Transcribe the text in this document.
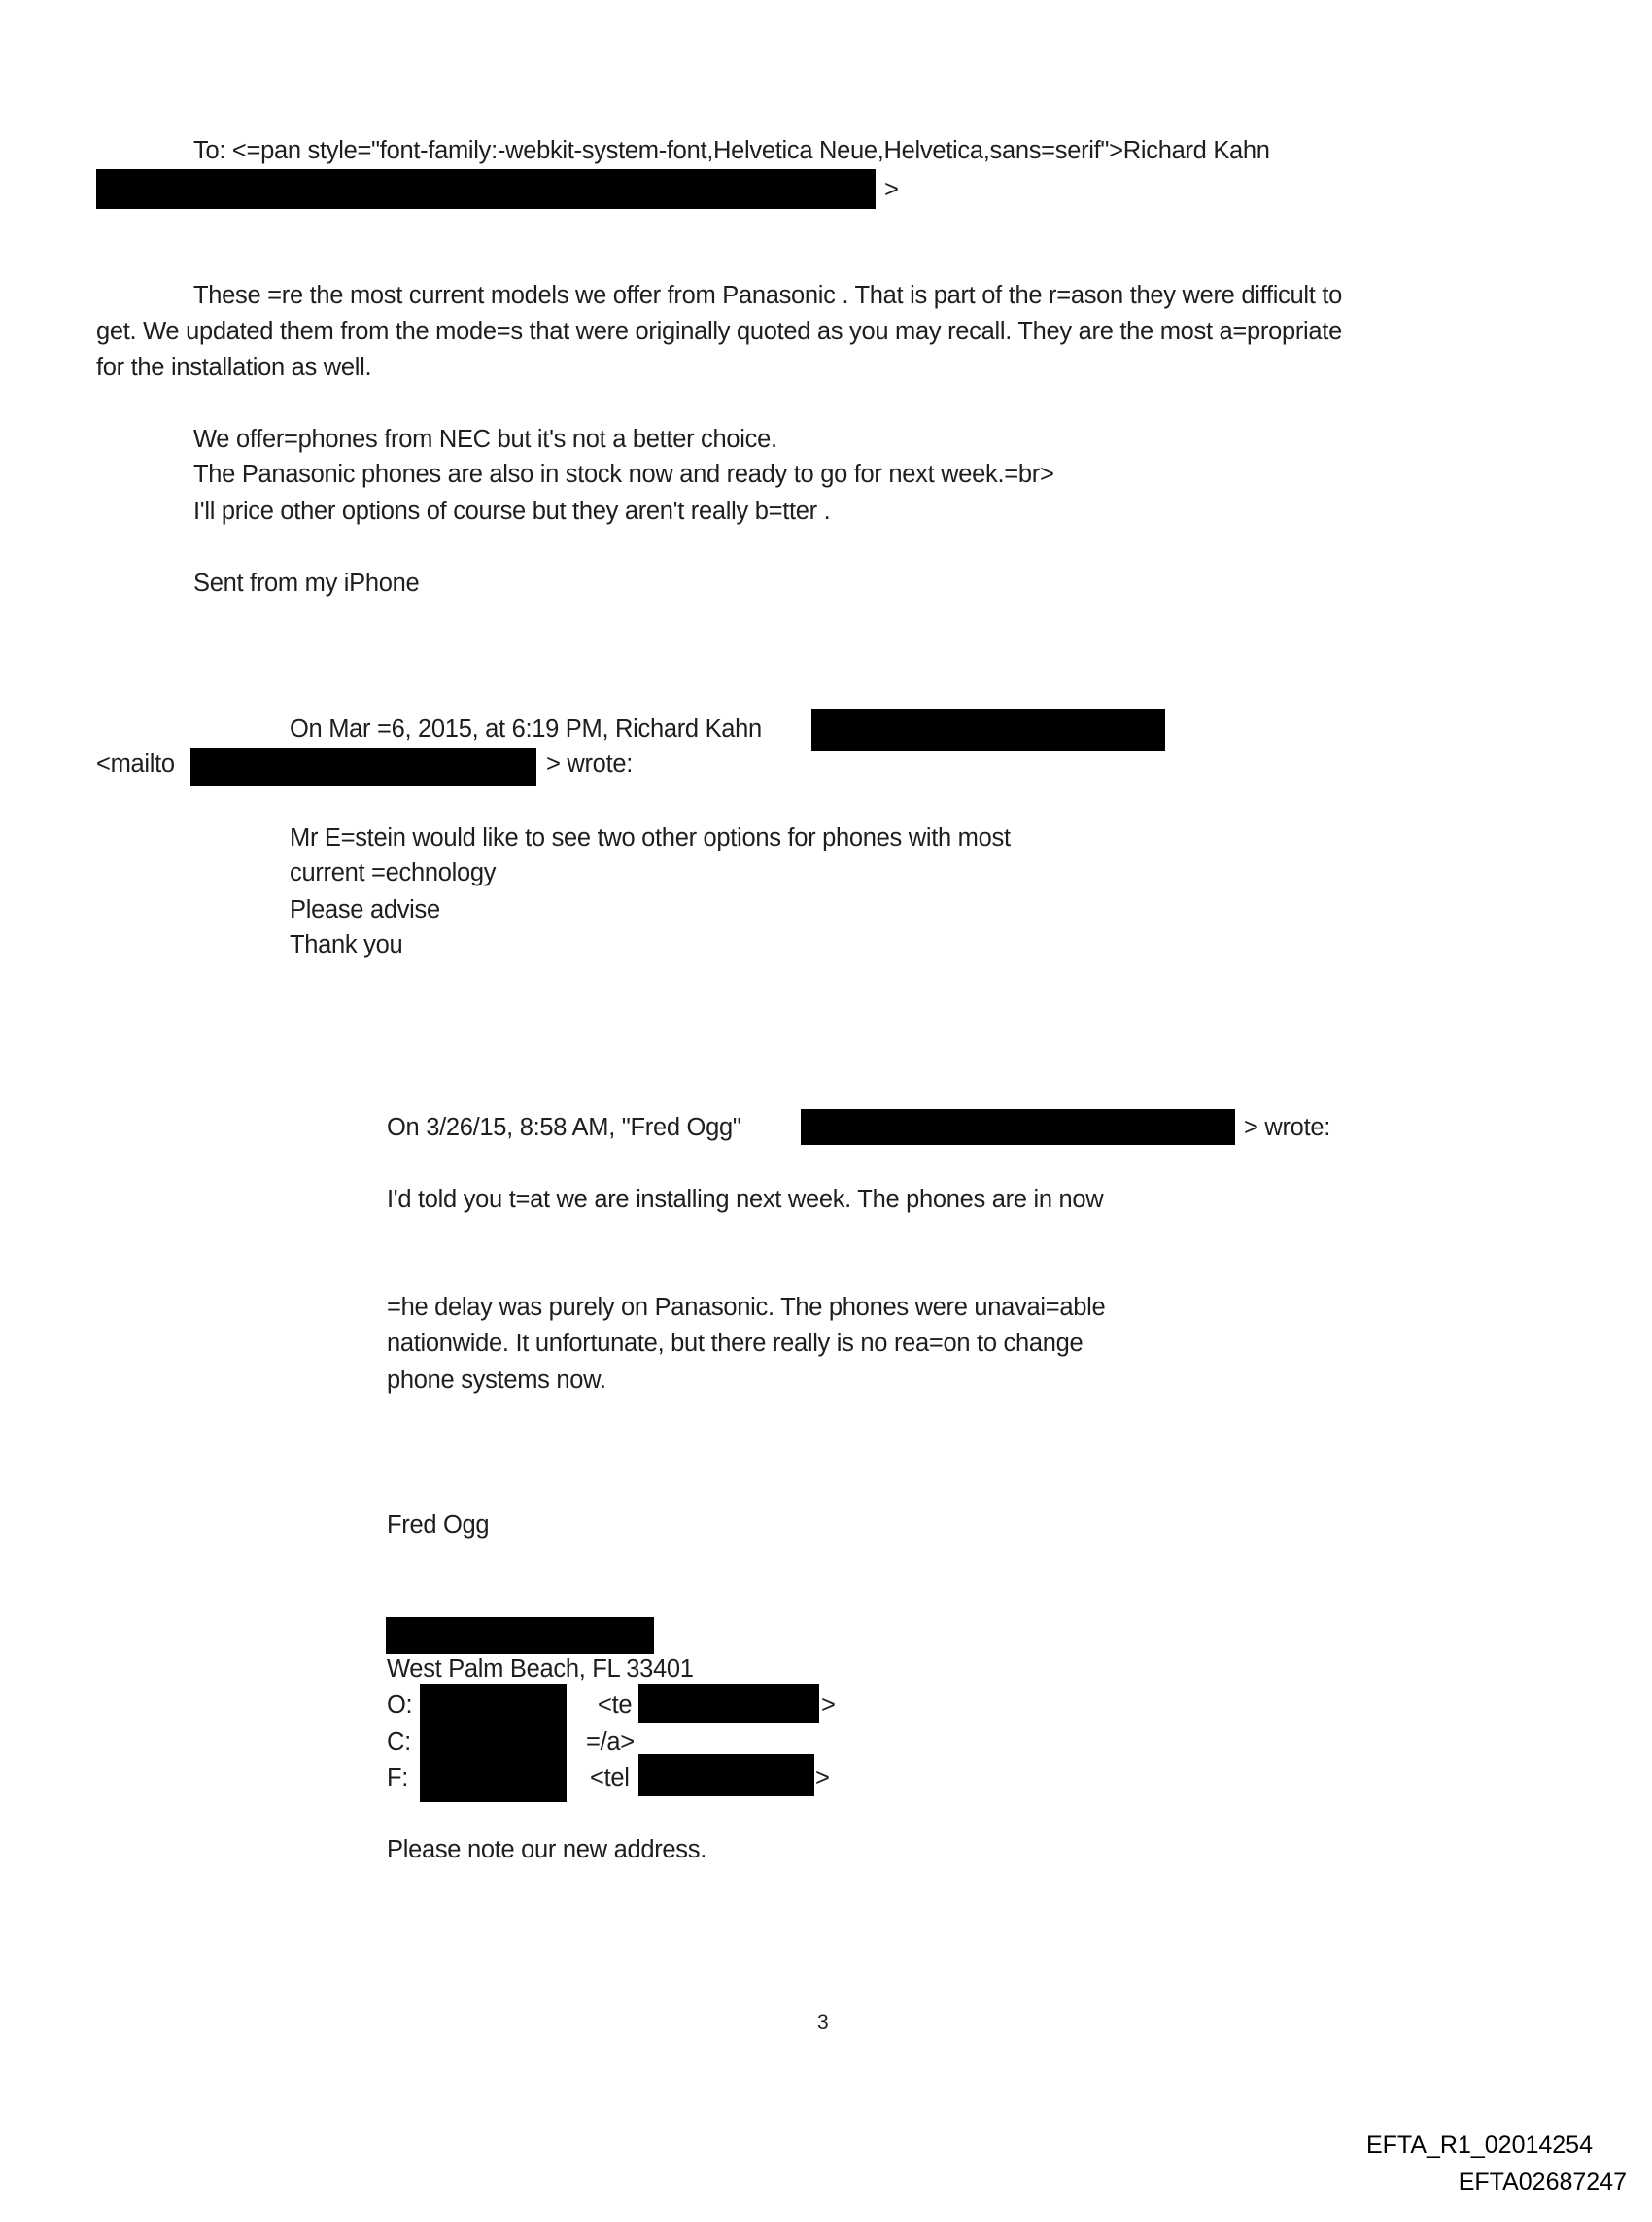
To: <=pan style="font-family:-webkit-system-font,Helvetica Neue,Helvetica,sans=serif">Richard Kahn
>
These =re the most current models we offer from Panasonic . That is part of the r=ason they were difficult to
get. We updated them from the mode=s that were originally quoted as you may recall. They are the most a=propriate
for the installation as well.
We offer=phones from NEC but it's not a better choice.
The Panasonic phones are also in stock now and ready to go for next week.=br>
I'll price other options of course but they aren't really b=tter .
Sent from my iPhone
On Mar =6, 2015, at 6:19 PM, Richard Kahn
<mailto	> wrote:
Mr E=stein would like to see two other options for phones with most
current =echnology
Please advise
Thank you
On 3/26/15, 8:58 AM, "Fred Ogg"	> wrote:
I'd told you t=at we are installing next week. The phones are in now
=he delay was purely on Panasonic. The phones were unavai=able
nationwide. It unfortunate, but there really is no rea=on to change
phone systems now.
Fred Ogg
West Palm Beach, FL 33401
O:	<te	>
C:	=/a>
F:	<tel	>
Please note our new address.
3
EFTA_R1_02014254
EFTA02687247
